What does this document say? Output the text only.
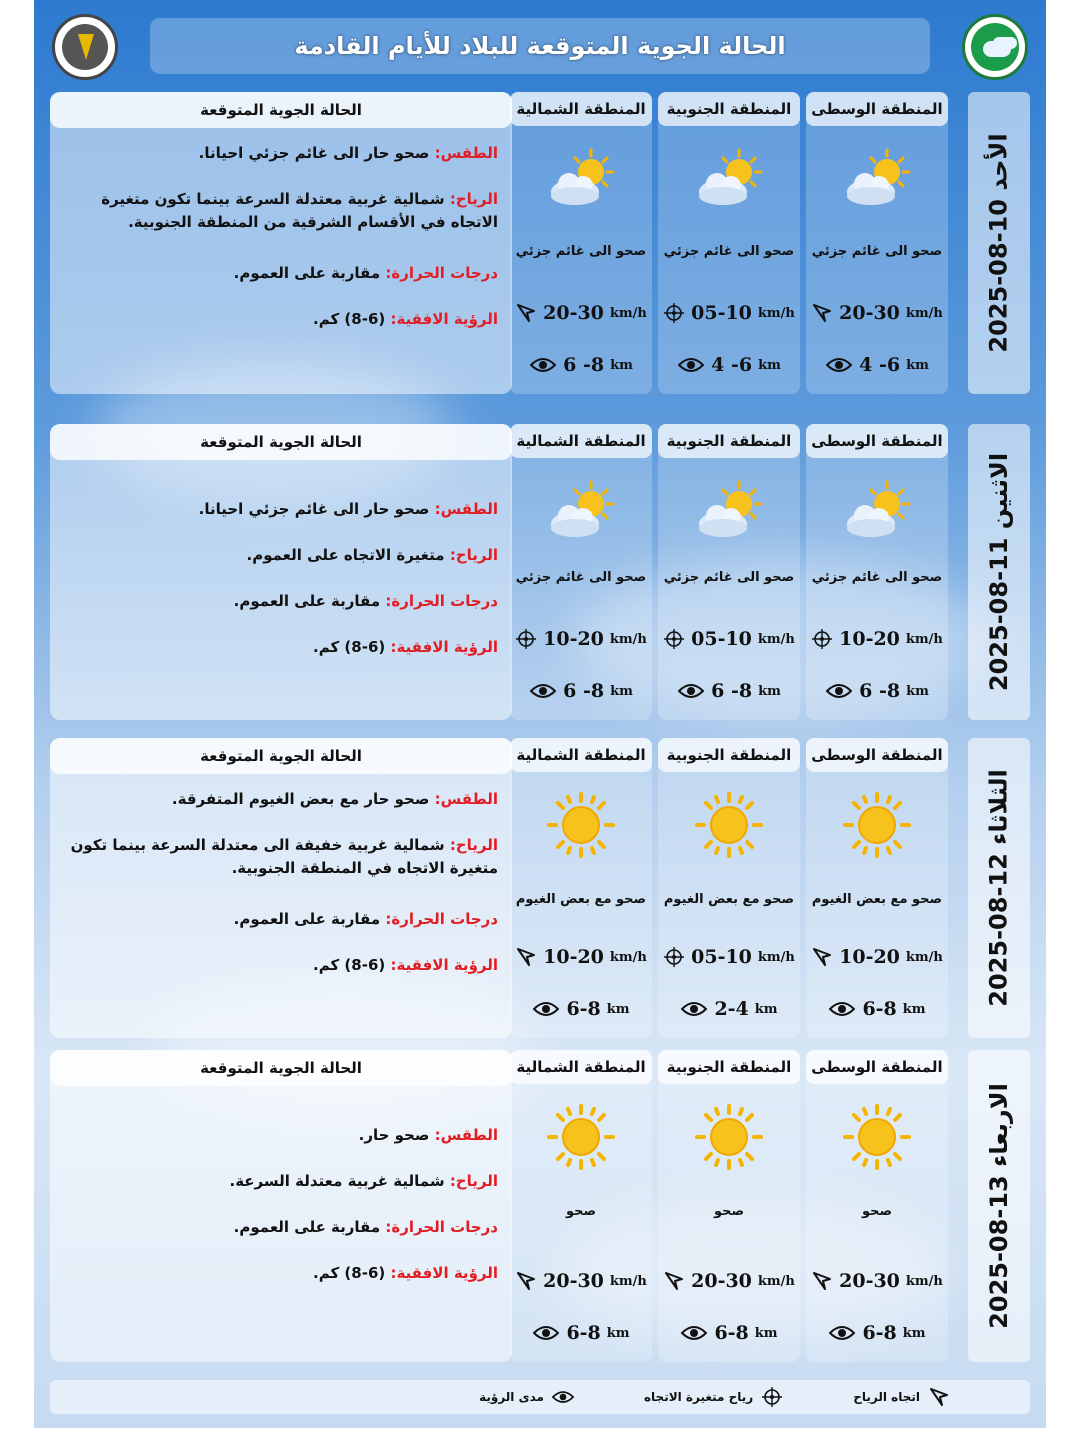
الحالة الجوية المتوقعة للبلاد للأيام القادمة
الأحد 10-08-2025
المنطقة الوسطى
صحو الى غائم جزئي
20-30 km/h
4 -6 km
المنطقة الجنوبية
صحو الى غائم جزئي
05-10 km/h
4 -6 km
المنطقة الشمالية
صحو الى غائم جزئي
20-30 km/h
6 -8 km
الحالة الجوية المتوقعة
الطقس: صحو حار الى غائم جزئي احيانا.
الرياح: شمالية غربية معتدلة السرعة بينما تكون متغيرة الاتجاه في الأقسام الشرقية من المنطقة الجنوبية.
درجات الحرارة: مقاربة على العموم.
الرؤية الافقية: (6-8) كم.
الاثنين 11-08-2025
المنطقة الوسطى
صحو الى غائم جزئي
10-20 km/h
6 -8 km
المنطقة الجنوبية
صحو الى غائم جزئي
05-10 km/h
6 -8 km
المنطقة الشمالية
صحو الى غائم جزئي
10-20 km/h
6 -8 km
الحالة الجوية المتوقعة
الطقس: صحو حار الى غائم جزئي احيانا.
الرياح: متغيرة الاتجاه على العموم.
درجات الحرارة: مقاربة على العموم.
الرؤية الافقية: (6-8) كم.
الثلاثاء 12-08-2025
المنطقة الوسطى
صحو مع بعض الغيوم
10-20 km/h
6-8 km
المنطقة الجنوبية
صحو مع بعض الغيوم
05-10 km/h
2-4 km
المنطقة الشمالية
صحو مع بعض الغيوم
10-20 km/h
6-8 km
الحالة الجوية المتوقعة
الطقس: صحو حار مع بعض الغيوم المتفرقة.
الرياح: شمالية غربية خفيفة الى معتدلة السرعة بينما تكون متغيرة الاتجاه في المنطقة الجنوبية.
درجات الحرارة: مقاربة على العموم.
الرؤية الافقية: (6-8) كم.
الاربعاء 13-08-2025
المنطقة الوسطى
صحو
20-30 km/h
6-8 km
المنطقة الجنوبية
صحو
20-30 km/h
6-8 km
المنطقة الشمالية
صحو
20-30 km/h
6-8 km
الحالة الجوية المتوقعة
الطقس: صحو حار.
الرياح: شمالية غربية معتدلة السرعة.
درجات الحرارة: مقاربة على العموم.
الرؤية الافقية: (6-8) كم.
اتجاه الرياح
رياح متغيرة الاتجاه
مدى الرؤية
